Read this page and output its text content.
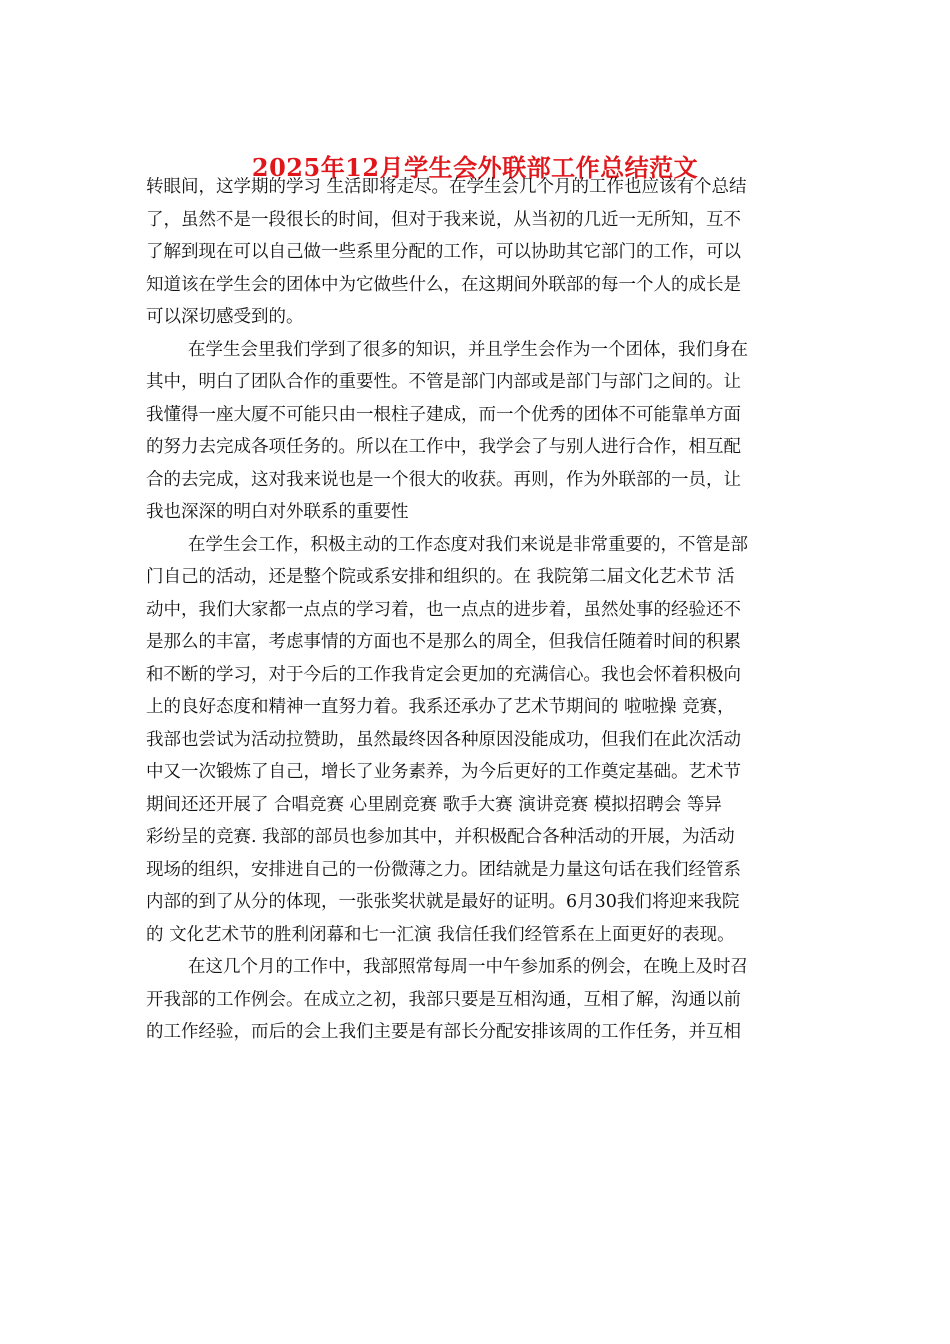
2025年12月学生会外联部工作总结范文
转眼间，这学期的学习 生活即将走尽。在学生会几个月的工作也应该有个总结
了，虽然不是一段很长的时间，但对于我来说，从当初的几近一无所知，互不
了解到现在可以自己做一些系里分配的工作，可以协助其它部门的工作，可以
知道该在学生会的团体中为它做些什么，在这期间外联部的每一个人的成长是
可以深切感受到的。
在学生会里我们学到了很多的知识，并且学生会作为一个团体，我们身在
其中，明白了团队合作的重要性。不管是部门内部或是部门与部门之间的。让
我懂得一座大厦不可能只由一根柱子建成，而一个优秀的团体不可能靠单方面
的努力去完成各项任务的。所以在工作中，我学会了与别人进行合作，相互配
合的去完成，这对我来说也是一个很大的收获。再则，作为外联部的一员，让
我也深深的明白对外联系的重要性
在学生会工作，积极主动的工作态度对我们来说是非常重要的，不管是部
门自己的活动，还是整个院或系安排和组织的。在 我院第二届文化艺术节 活
动中，我们大家都一点点的学习着，也一点点的进步着，虽然处事的经验还不
是那么的丰富，考虑事情的方面也不是那么的周全，但我信任随着时间的积累
和不断的学习，对于今后的工作我肯定会更加的充满信心。我也会怀着积极向
上的良好态度和精神一直努力着。我系还承办了艺术节期间的 啦啦操 竞赛，
我部也尝试为活动拉赞助，虽然最终因各种原因没能成功，但我们在此次活动
中又一次锻炼了自己，增长了业务素养，为今后更好的工作奠定基础。艺术节
期间还还开展了 合唱竞赛 心里剧竞赛 歌手大赛 演讲竞赛 模拟招聘会 等异
彩纷呈的竞赛. 我部的部员也参加其中，并积极配合各种活动的开展，为活动
现场的组织，安排进自己的一份微薄之力。团结就是力量这句话在我们经管系
内部的到了从分的体现，一张张奖状就是最好的证明。6月30我们将迎来我院
的 文化艺术节的胜利闭幕和七一汇演 我信任我们经管系在上面更好的表现。
在这几个月的工作中，我部照常每周一中午参加系的例会，在晚上及时召
开我部的工作例会。在成立之初，我部只要是互相沟通，互相了解，沟通以前
的工作经验，而后的会上我们主要是有部长分配安排该周的工作任务，并互相
